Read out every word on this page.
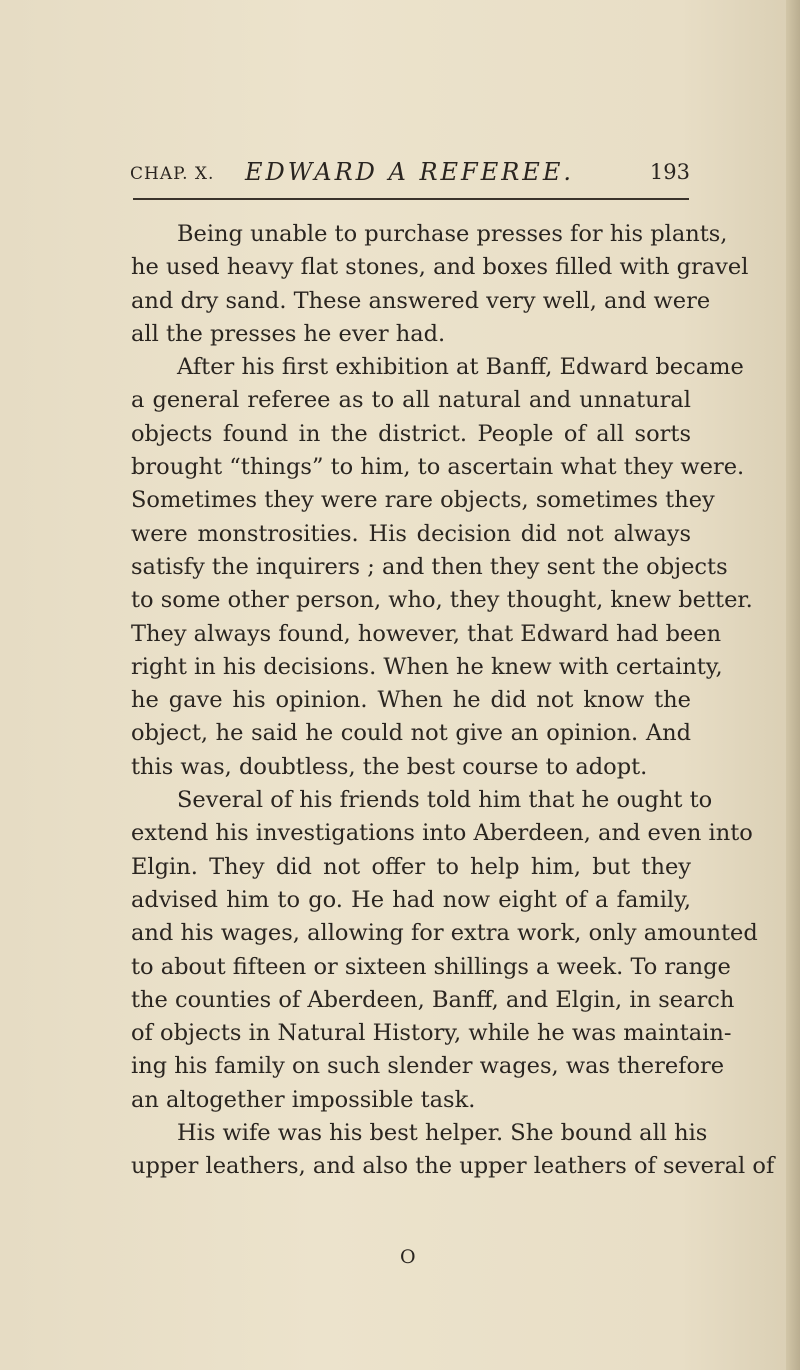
CHAP. X. EDWARD A REFEREE.	193
Being unable to purchase presses for his plants,
he used heavy flat stones, and boxes filled with gravel
and dry sand. These answered very well, and were
all the presses he ever had.
After his first exhibition at Banff, Edward became
a general referee as to all natural and unnatural
objects found in the district. People of all sorts
brought “things” to him, to ascertain what they were.
Sometimes they were rare objects, sometimes they
were monstrosities. His decision did not always
satisfy the inquirers ; and then they sent the objects
to some other person, who, they thought, knew better.
They always found, however, that Edward had been
right in his decisions. When he knew with certainty,
he gave his opinion. When he did not know the
object, he said he could not give an opinion. And
this was, doubtless, the best course to adopt.
Several of his friends told him that he ought to
extend his investigations into Aberdeen, and even into
Elgin. They did not offer to help him, but they
advised him to go. He had now eight of a family,
and his wages, allowing for extra work, only amounted
to about fifteen or sixteen shillings a week. To range
the counties of Aberdeen, Banff, and Elgin, in search
of objects in Natural History, while he was maintain-
ing his family on such slender wages, was therefore
an altogether impossible task.
His wife was his best helper. She bound all his
upper leathers, and also the upper leathers of several of
O
